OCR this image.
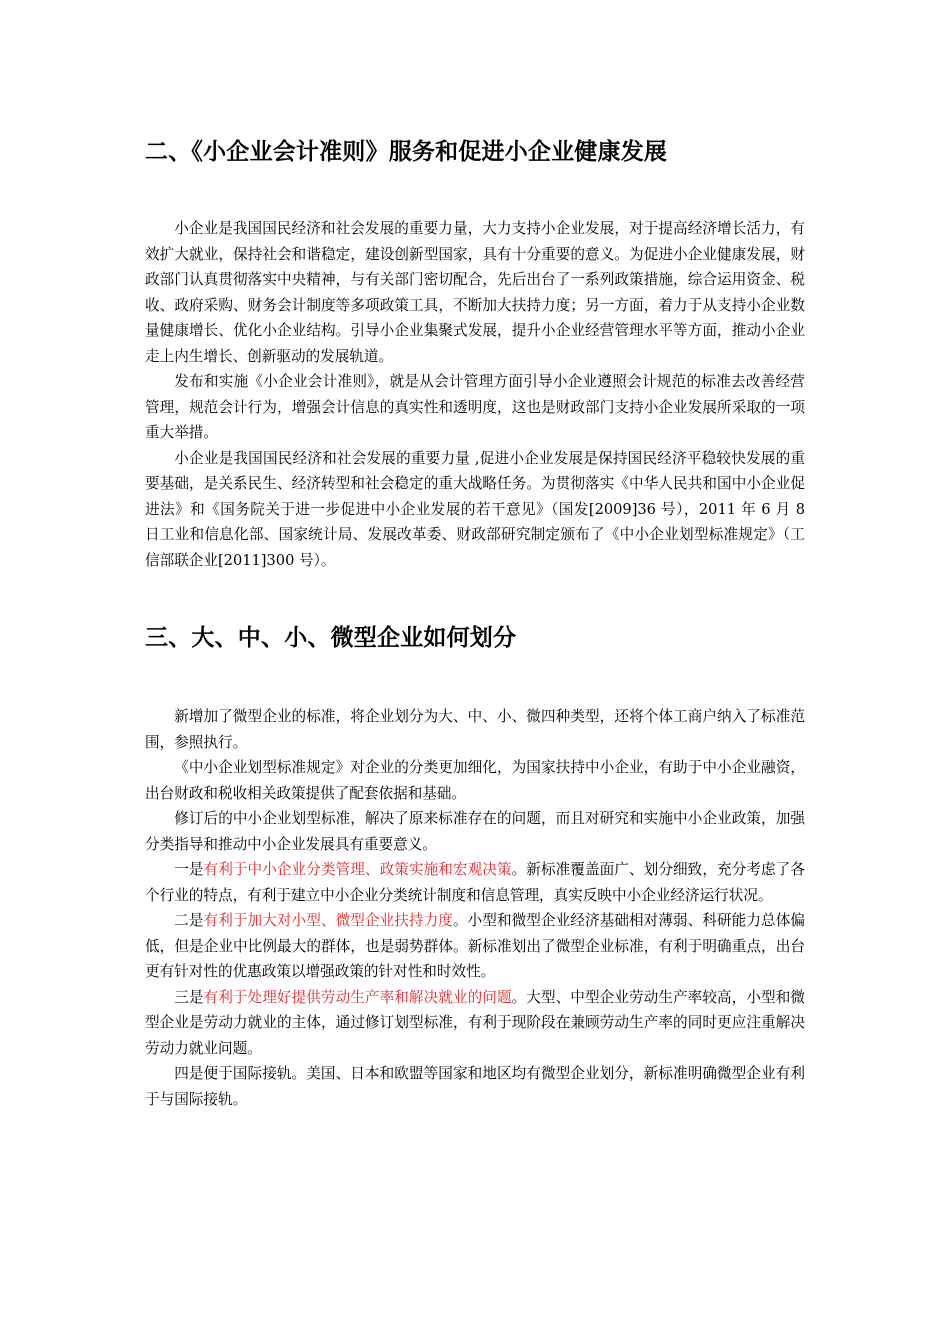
二、《小企业会计准则》服务和促进小企业健康发展

小企业是我国国民经济和社会发展的重要力量，大力支持小企业发展，对于提高经济增长活力，有效扩大就业，保持社会和谐稳定，建设创新型国家，具有十分重要的意义。为促进小企业健康发展，财政部门认真贯彻落实中央精神，与有关部门密切配合，先后出台了一系列政策措施，综合运用资金、税收、政府采购、财务会计制度等多项政策工具，不断加大扶持力度；另一方面，着力于从支持小企业数量健康增长、优化小企业结构。引导小企业集聚式发展，提升小企业经营管理水平等方面，推动小企业走上内生增长、创新驱动的发展轨道。

发布和实施《小企业会计准则》，就是从会计管理方面引导小企业遵照会计规范的标准去改善经营管理，规范会计行为，增强会计信息的真实性和透明度，这也是财政部门支持小企业发展所采取的一项重大举措。

小企业是我国国民经济和社会发展的重要力量 ,促进小企业发展是保持国民经济平稳较快发展的重要基础，是关系民生、经济转型和社会稳定的重大战略任务。为贯彻落实《中华人民共和国中小企业促进法》和《国务院关于进一步促进中小企业发展的若干意见》（国发[2009]36 号），2011 年 6 月 8 日工业和信息化部、国家统计局、发展改革委、财政部研究制定颁布了《中小企业划型标准规定》（工信部联企业[2011]300 号）。

三、大、中、小、微型企业如何划分

新增加了微型企业的标准，将企业划分为大、中、小、微四种类型，还将个体工商户纳入了标准范围，参照执行。

《中小企业划型标准规定》对企业的分类更加细化，为国家扶持中小企业，有助于中小企业融资，出台财政和税收相关政策提供了配套依据和基础。

修订后的中小企业划型标准，解决了原来标准存在的问题，而且对研究和实施中小企业政策，加强分类指导和推动中小企业发展具有重要意义。

一是有利于中小企业分类管理、政策实施和宏观决策。新标准覆盖面广、划分细致，充分考虑了各个行业的特点，有利于建立中小企业分类统计制度和信息管理，真实反映中小企业经济运行状况。

二是有利于加大对小型、微型企业扶持力度。小型和微型企业经济基础相对薄弱、科研能力总体偏低，但是企业中比例最大的群体，也是弱势群体。新标准划出了微型企业标准，有利于明确重点，出台更有针对性的优惠政策以增强政策的针对性和时效性。

三是有利于处理好提供劳动生产率和解决就业的问题。大型、中型企业劳动生产率较高，小型和微型企业是劳动力就业的主体，通过修订划型标准，有利于现阶段在兼顾劳动生产率的同时更应注重解决劳动力就业问题。

四是便于国际接轨。美国、日本和欧盟等国家和地区均有微型企业划分，新标准明确微型企业有利于与国际接轨。
